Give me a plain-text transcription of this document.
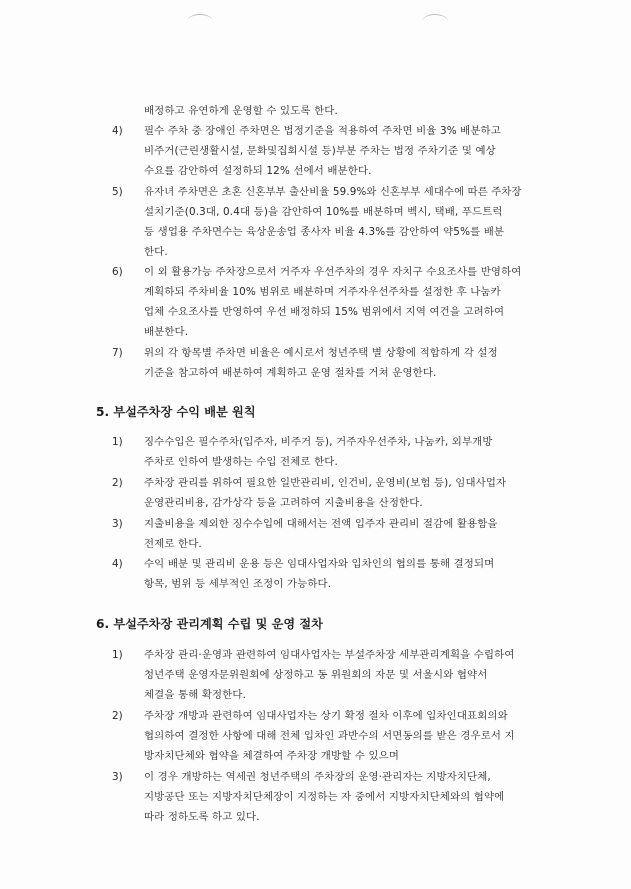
배정하고 유연하게 운영할 수 있도록 한다.
4) 필수 주차 중 장애인 주차면은 법정기준을 적용하여 주차면 비율 3% 배분하고
비주거(근린생활시설, 문화및집회시설 등)부분 주차는 법정 주차기준 및 예상
수요를 감안하여 설정하되 12% 선에서 배분한다.
5) 유자녀 주차면은 초혼 신혼부부 출산비율 59.9%와 신혼부부 세대수에 따른 주차장
설치기준(0.3대, 0.4대 등)을 감안하여 10%를 배분하며 벡시, 택배, 푸드트럭
등 생업용 주차면수는 육상운송업 종사자 비율 4.3%를 감안하여 약5%를 배분
한다.
6) 이 외 활용가능 주차장으로서 거주자 우선주차의 경우 자치구 수요조사를 반영하여
계획하되 주차비율 10% 범위로 배분하며 거주자우선주차를 설정한 후 나눔카
업체 수요조사를 반영하여 우선 배정하되 15% 범위에서 지역 여건을 고려하여
배분한다.
7) 위의 각 항목별 주차면 비율은 예시로서 청년주택 별 상황에 적합하게 각 설정
기준을 참고하여 배분하여 계획하고 운영 절차를 거쳐 운영한다.
5. 부설주차장 수익 배분 원칙
1) 징수수입은 필수주차(입주자, 비주거 등), 거주자우선주차, 나눔카, 외부개방
주차로 인하여 발생하는 수입 전체로 한다.
2) 주차장 관리를 위하여 필요한 일반관리비, 인건비, 운영비(보험 등), 임대사업자
운영관리비용, 감가상각 등을 고려하여 지출비용을 산정한다.
3) 지출비용을 제외한 징수수입에 대해서는 전액 입주자 관리비 절감에 활용함을
전제로 한다.
4) 수익 배분 및 관리비 운용 등은 임대사업자와 입차인의 협의를 통해 결정되며
항목, 범위 등 세부적인 조정이 가능하다.
6. 부설주차장 관리계획 수립 및 운영 절차
1) 주차장 관리·운영과 관련하여 임대사업자는 부설주차장 세부관리계획을 수립하여
청년주택 운영자문위원회에 상정하고 동 위원회의 자문 및 서울시와 협약서
체결을 통해 확정한다.
2) 주차장 개방과 관련하여 임대사업자는 상기 확정 절차 이후에 입차인대표회의와
협의하여 결정한 사항에 대해 전체 입차인 과반수의 서면동의를 받은 경우로서 지
방자치단체와 협약을 체결하여 주차장 개방할 수 있으며
3) 이 경우 개방하는 역세권 청년주택의 주차장의 운영·관리자는 지방자치단체,
지방공단 또는 지방자치단체장이 지정하는 자 중에서 지방자치단체와의 협약에
따라 정하도록 하고 있다.
